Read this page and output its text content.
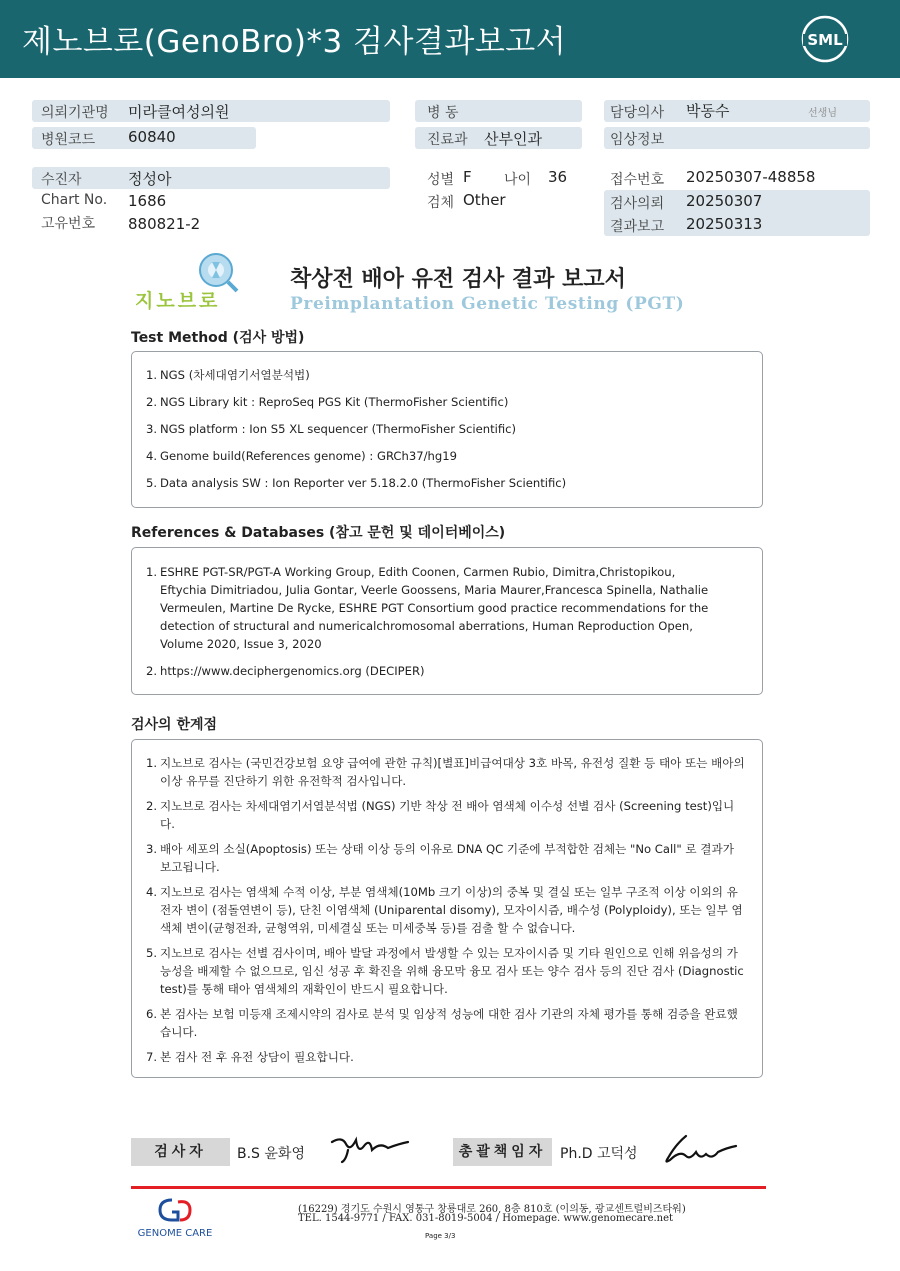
제노브로(GenoBro)*3 검사결과보고서	SML
의뢰기관명 미라클여성의원	병 동	담당의사 박동수	선생님
병원코드 60840	진료과 산부인과	임상정보
수진자	정성아	성별 F 나이 36	접수번호 20250307-48858
Chart No. 1686	검체 Other	검사의뢰 20250307
고유번호 880821-2	결과보고 20250313
지노브로
착상전 배아 유전 검사 결과 보고서
Preimplantation Genetic Testing (PGT)
Test Method (검사 방법)
1. NGS (차세대염기서열분석법)
2. NGS Library kit : ReproSeq PGS Kit (ThermoFisher Scientific)
3. NGS platform : Ion S5 XL sequencer (ThermoFisher Scientific)
4. Genome build(References genome) : GRCh37/hg19
5. Data analysis SW : Ion Reporter ver 5.18.2.0 (ThermoFisher Scientific)
References & Databases (참고 문헌 및 데이터베이스)
1. ESHRE PGT-SR/PGT-A Working Group, Edith Coonen, Carmen Rubio, Dimitra,Christopikou, Eftychia Dimitriadou, Julia Gontar, Veerle Goossens, Maria Maurer,Francesca Spinella, Nathalie Vermeulen, Martine De Rycke, ESHRE PGT Consortium good practice recommendations for the detection of structural and numericalchromosomal aberrations, Human Reproduction Open, Volume 2020, Issue 3, 2020
2. https://www.deciphergenomics.org (DECIPER)
검사의 한계점
1. 지노브로 검사는 (국민건강보험 요양 급여에 관한 규칙)[별표]비급여대상 3호 바목, 유전성 질환 등 태아 또는 배아의 이상 유무를 진단하기 위한 유전학적 검사입니다.
2. 지노브로 검사는 차세대염기서열분석법 (NGS) 기반 착상 전 배아 염색체 이수성 선별 검사 (Screening test)입니다.
3. 배아 세포의 소실(Apoptosis) 또는 상태 이상 등의 이유로 DNA QC 기준에 부적합한 검체는 "No Call" 로 결과가 보고됩니다.
4. 지노브로 검사는 염색체 수적 이상, 부분 염색체(10Mb 크기 이상)의 중복 및 결실 또는 일부 구조적 이상 이외의 유전자 변이 (점돌연변이 등), 단친 이염색체 (Uniparental disomy), 모자이시즘, 배수성 (Polyploidy), 또는 일부 염색체 변이(균형전좌, 균형역위, 미세결실 또는 미세중복 등)를 검출 할 수 없습니다.
5. 지노브로 검사는 선별 검사이며, 배아 발달 과정에서 발생할 수 있는 모자이시즘 및 기타 원인으로 인해 위음성의 가능성을 배제할 수 없으므로, 임신 성공 후 확진을 위해 융모막 융모 검사 또는 양수 검사 등의 진단 검사 (Diagnostic test)를 통해 태아 염색체의 재확인이 반드시 필요합니다.
6. 본 검사는 보험 미등재 조제시약의 검사로 분석 및 임상적 성능에 대한 검사 기관의 자체 평가를 통해 검증을 완료했습니다.
7. 본 검사 전 후 유전 상담이 필요합니다.
검사자	B.S 윤화영	총괄책임자 Ph.D 고덕성
GENOME CARE
(16229) 경기도 수원시 영통구 창룡대로 260, 8층 810호 (이의동, 광교센트럴비즈타워)
TEL. 1544-9771 / FAX. 031-8019-5004 / Homepage. www.genomecare.net
Page 3/3
